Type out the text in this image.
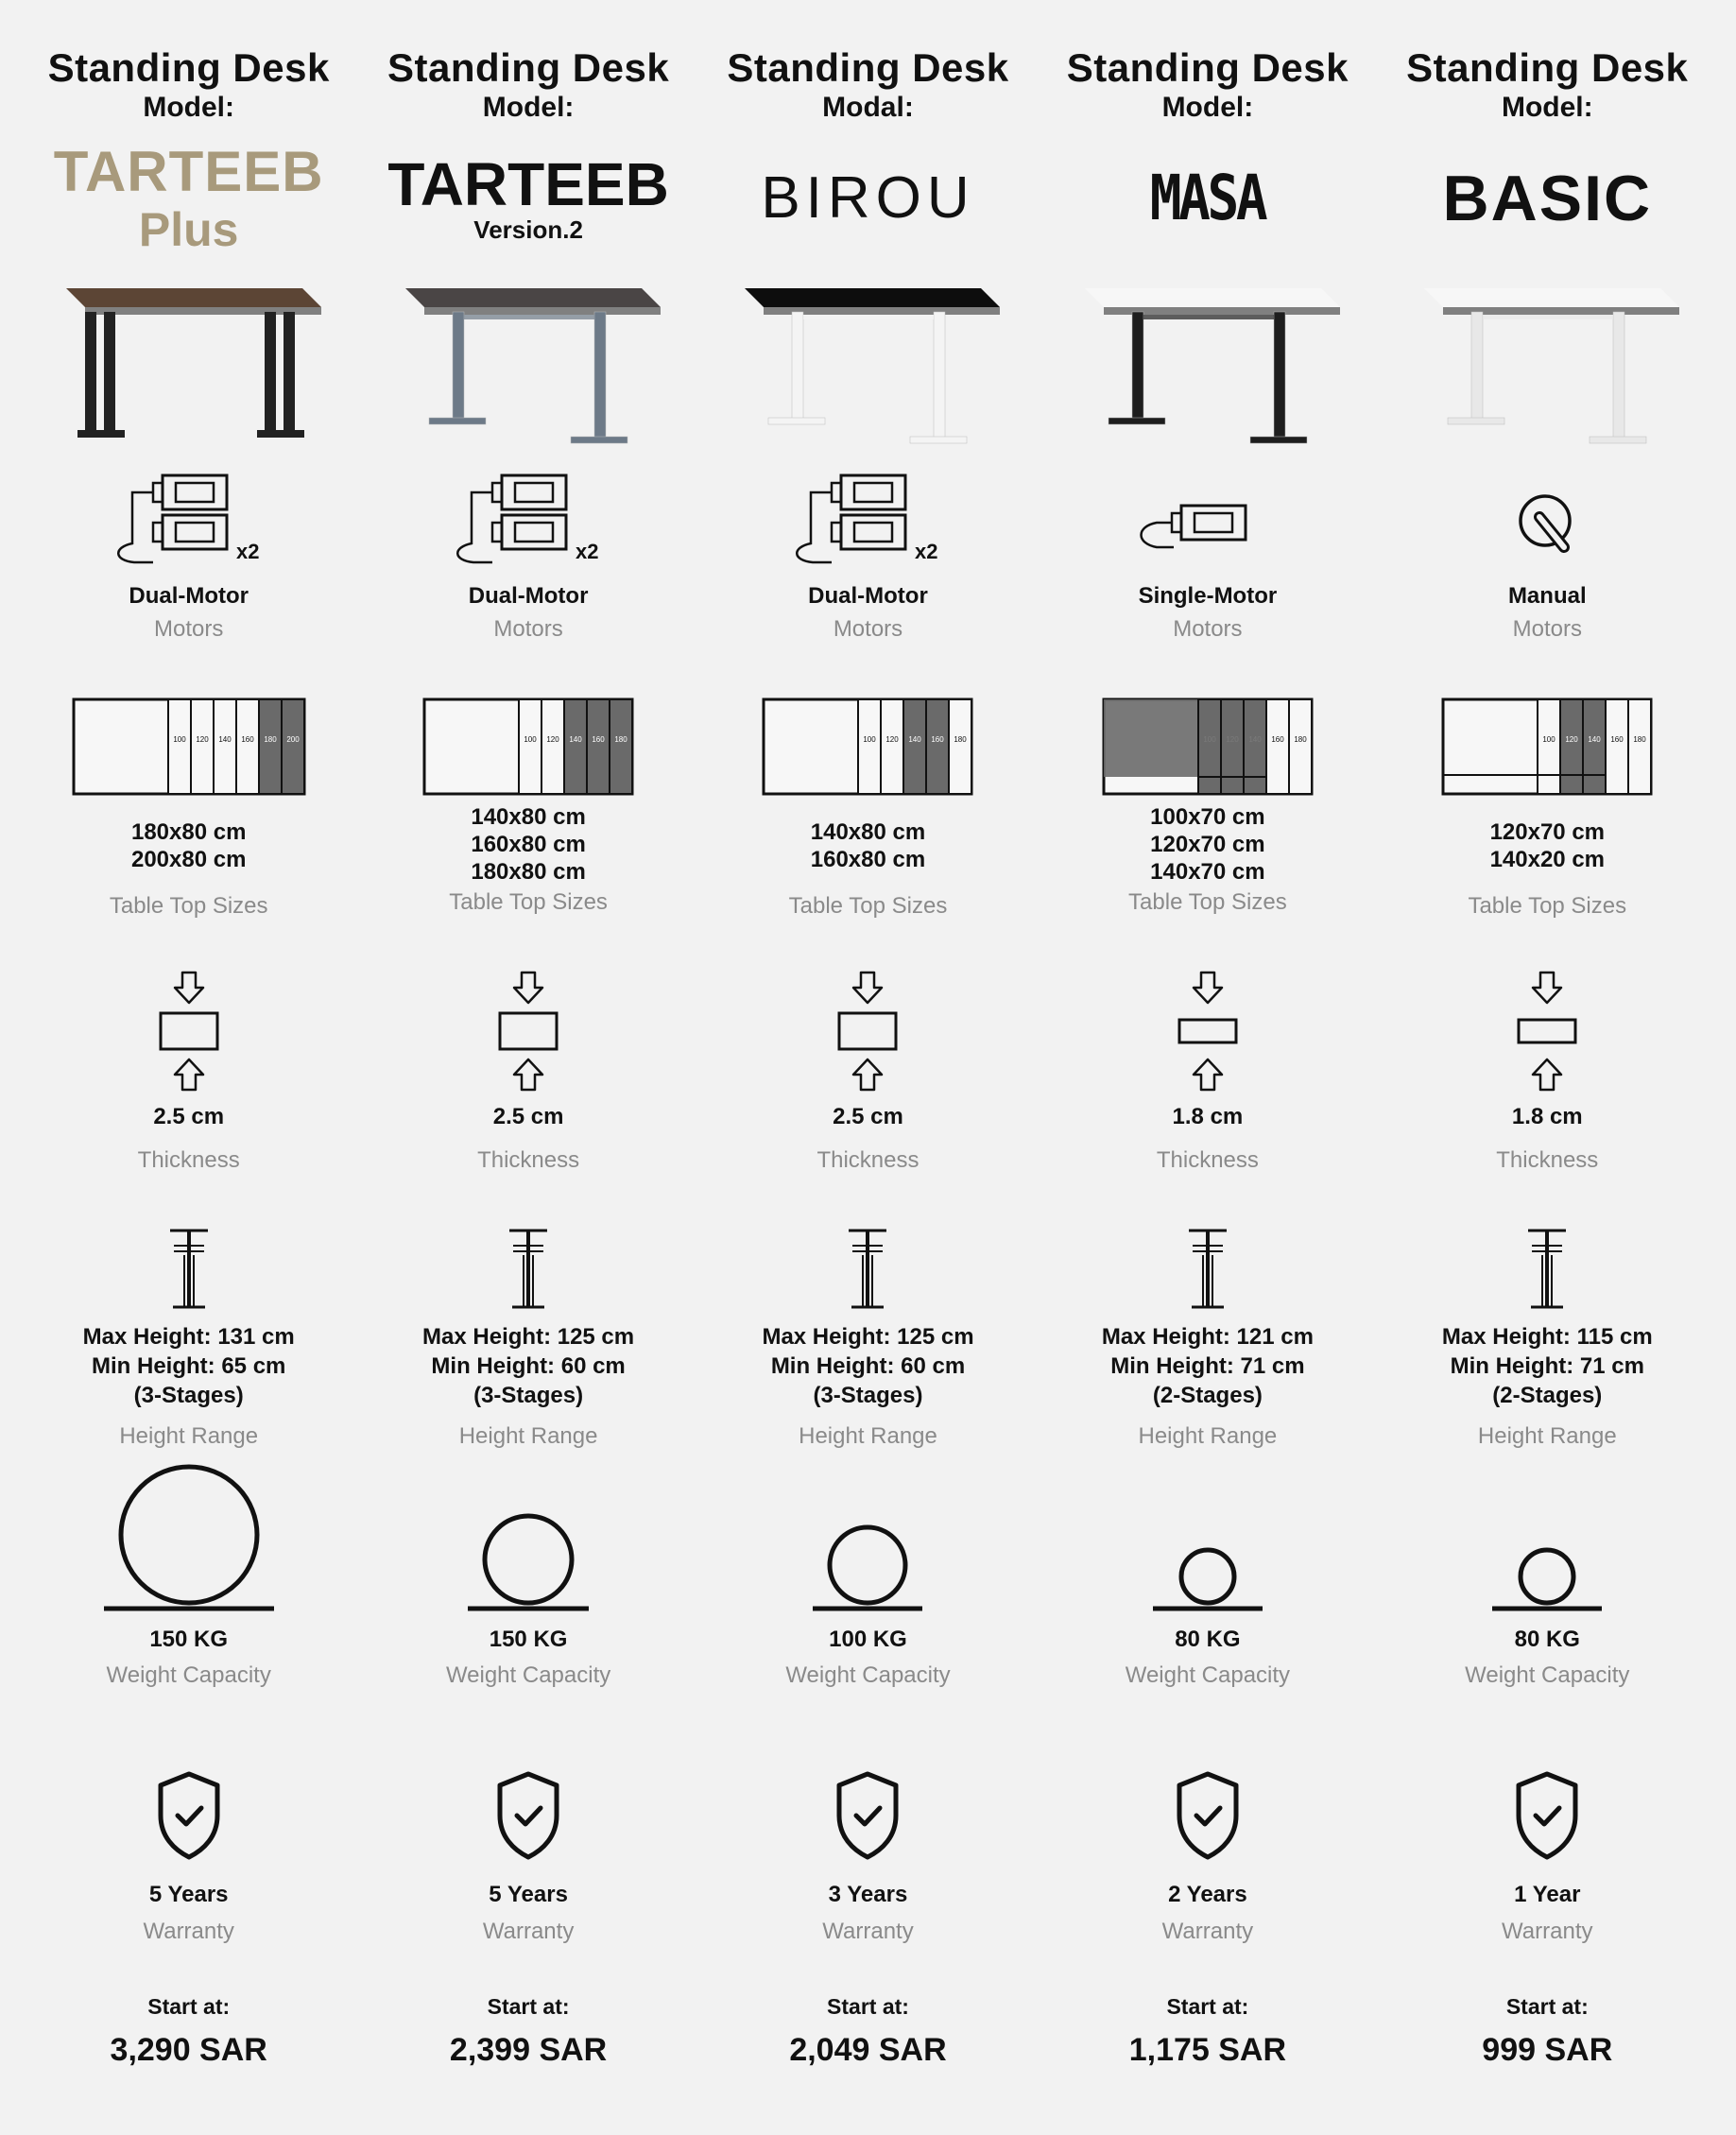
Standing Desk
Model:
TARTEEB
Plus
x2
Dual-Motor
Motors
100 120 140 160 180 200
180x80 cm
200x80 cm
Table Top Sizes
2.5 cm
Thickness
Max Height: 131 cm
Min Height: 65 cm
(3-Stages)
Height Range
150 KG
Weight Capacity
5 Years
Warranty
Start at:
3,290 SAR
Standing Desk
Model:
TARTEEB
Version.2
x2
Dual-Motor
Motors
100 120 140 160 180
140x80 cm
160x80 cm
180x80 cm
Table Top Sizes
2.5 cm
Thickness
Max Height: 125 cm
Min Height: 60 cm
(3-Stages)
Height Range
150 KG
Weight Capacity
5 Years
Warranty
Start at:
2,399 SAR
Standing Desk
Modal:
BIROU
x2
Dual-Motor
Motors
100 120 140 160 180
140x80 cm
160x80 cm
Table Top Sizes
2.5 cm
Thickness
Max Height: 125 cm
Min Height: 60 cm
(3-Stages)
Height Range
100 KG
Weight Capacity
3 Years
Warranty
Start at:
2,049 SAR
Standing Desk
Model:
MASA
Single-Motor
Motors
160 180
100x70 cm
120x70 cm
140x70 cm
Table Top Sizes
1.8 cm
Thickness
Max Height: 121 cm
Min Height: 71 cm
(2-Stages)
Height Range
80 KG
Weight Capacity
2 Years
Warranty
Start at:
1,175 SAR
Standing Desk
Model:
BASIC
Manual
Motors
100 120 140 160 180
120x70 cm
140x20 cm
Table Top Sizes
1.8 cm
Thickness
Max Height: 115 cm
Min Height: 71 cm
(2-Stages)
Height Range
80 KG
Weight Capacity
1 Year
Warranty
Start at:
999 SAR
